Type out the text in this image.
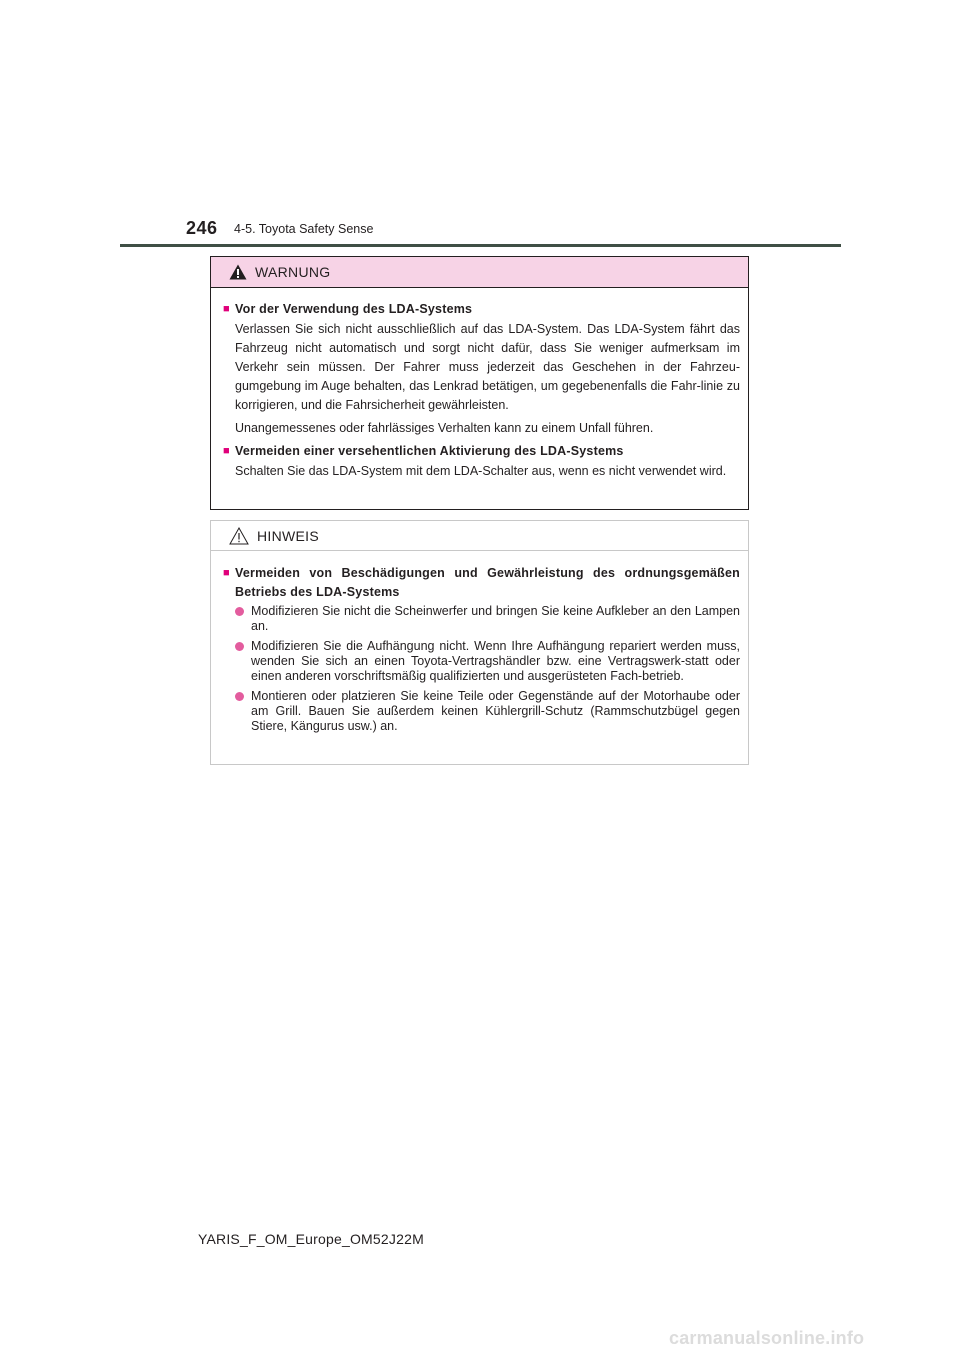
246 4-5. Toyota Safety Sense
WARNUNG
■ Vor der Verwendung des LDA-Systems
Verlassen Sie sich nicht ausschließlich auf das LDA-System. Das LDA-System fährt das Fahrzeug nicht automatisch und sorgt nicht dafür, dass Sie weniger aufmerksam im Verkehr sein müssen. Der Fahrer muss jederzeit das Geschehen in der Fahrzeu-gumgebung im Auge behalten, das Lenkrad betätigen, um gegebenenfalls die Fahr-linie zu korrigieren, und die Fahrsicherheit gewährleisten.
Unangemessenes oder fahrlässiges Verhalten kann zu einem Unfall führen.
■ Vermeiden einer versehentlichen Aktivierung des LDA-Systems
Schalten Sie das LDA-System mit dem LDA-Schalter aus, wenn es nicht verwendet wird.
HINWEIS
■ Vermeiden von Beschädigungen und Gewährleistung des ordnungsgemäßen Betriebs des LDA-Systems
Modifizieren Sie nicht die Scheinwerfer und bringen Sie keine Aufkleber an den Lampen an.
Modifizieren Sie die Aufhängung nicht. Wenn Ihre Aufhängung repariert werden muss, wenden Sie sich an einen Toyota-Vertragshändler bzw. eine Vertragswerk-statt oder einen anderen vorschriftsmäßig qualifizierten und ausgerüsteten Fach-betrieb.
Montieren oder platzieren Sie keine Teile oder Gegenstände auf der Motorhaube oder am Grill. Bauen Sie außerdem keinen Kühlergrill-Schutz (Rammschutzbügel gegen Stiere, Kängurus usw.) an.
YARIS_F_OM_Europe_OM52J22M
carmanualsonline.info
